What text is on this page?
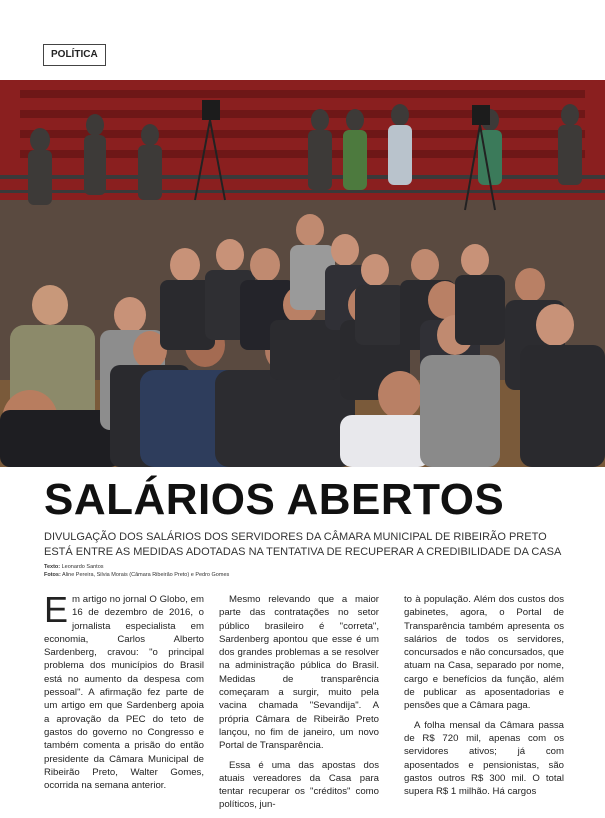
POLÍTICA
SALÁRIOS ABERTOS
DIVULGAÇÃO DOS SALÁRIOS DOS SERVIDORES DA CÂMARA MUNICIPAL DE RIBEIRÃO PRETO ESTÁ ENTRE AS MEDIDAS ADOTADAS NA TENTATIVA DE RECUPERAR A CREDIBILIDADE DA CASA
Texto: Leonardo Santos
Fotos: Aline Pereira, Silvia Morais (Câmara Ribeirão Preto) e Pedro Gomes

Em artigo no jornal O Globo, em 16 de dezembro de 2016, o jornalista especialista em economia, Carlos Alberto Sardenberg, cravou: "o principal problema dos municípios do Brasil está no aumento da despesa com pessoal". A afirmação fez parte de um artigo em que Sardenberg apoia a aprovação da PEC do teto de gastos do governo no Congresso e também comenta a prisão do então presidente da Câmara Municipal de Ribeirão Preto, Walter Gomes, ocorrida na semana anterior.

Mesmo relevando que a maior parte das contratações no setor público brasileiro é "correta", Sardenberg apontou que esse é um dos grandes problemas a se resolver na administração pública do Brasil. Medidas de transparência começaram a surgir, muito pela vacina chamada "Sevandija". A própria Câmara de Ribeirão Preto lançou, no fim de janeiro, um novo Portal de Transparência.

Essa é uma das apostas dos atuais vereadores da Casa para tentar recuperar os "créditos" como políticos, jun-

to à população. Além dos custos dos gabinetes, agora, o Portal de Transparência também apresenta os salários de todos os servidores, concursados e não concursados, que atuam na Casa, separado por nome, cargo e benefícios da função, além de publicar as aposentadorias e pensões que a Câmara paga.

A folha mensal da Câmara passa de R$ 720 mil, apenas com os servidores ativos; já com aposentados e pensionistas, são gastos outros R$ 300 mil. O total supera R$ 1 milhão. Há cargos
